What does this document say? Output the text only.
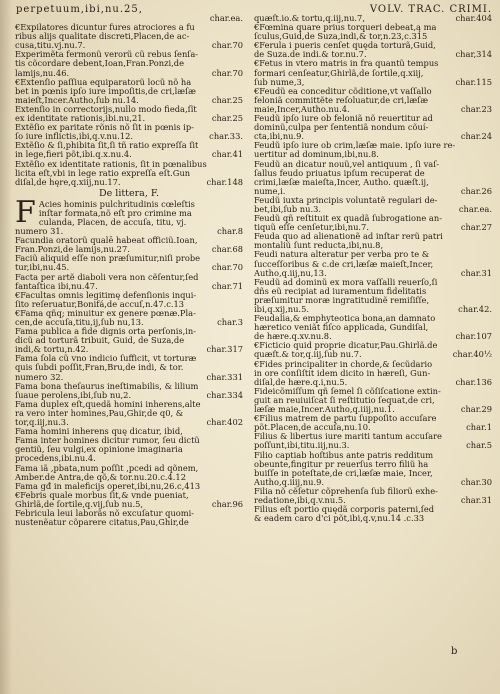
perpetuum,ibi,nu.25,	VOLV. TRAC. CRIMI.
char.ea.
€Expilatores dicuntur fures atrociores a fu
ribus alijs qualitate discreti,Placen,de ac-
cusa,titu.vj.nu.7.	char.70
Experimẽta fermonũ verorũ cũ rebus ſenſa-
tis cõcordare debent,Ioan,Fran.Ponzi,de
lamijs,nu.46.	char.70
€Extenſio paſſiua equiparatorũ locũ nõ ha
bet in pœnis ipſo iure impoſitis,de cri,læſæ
maieſt,Incer.Autho,ſub nu.14.	char.25
Extenſio in correctorijs,nullo modo fieda,ſĩt
ex identitate rationis,ibi.nu,21.	char.25
Extẽſio ex paritate rõnis nõ ſit in pœnis ip-
ſo iure inflictis,ibi,q.v.nu.12.	char.33.
Extẽſio & ſi,phibita ſit,ſi tñ ratio expreſſa ſit
in lege,fieri põt,ibi.q.x.nu.4.	char.41
Extẽſio ex identitate rationis, ſit in pœnalibus
licita eſt,vbi in lege ratio expreſſa eſt.Gun
diſal,de hęre,q.xiij,nu.17.	char.148
De littera, F.
F Acies hominis pulchritudinis cœleſtis
inſtar formata,nõ eſt pro crimine ma
culanda, Placen, de accuſa, titu, vj.
numero 31.	char.8
Facundia oratorũ qualē habeat officiũ.Ioan,
Fran.Ponzi,de lamijs,nu.27.	char.68
Faciũ aliquid eſſe non præſumitur,niſi probe
tur,ibi,nu.45.	char.70
Facta per artẽ diaboli vera non cẽſentur,ſed
fantaſtica ibi,nu.47.	char.71
€Facultas omnis legitimę defenſionis inqui-
ſito reſeruatur,Bonifá,de accuſ,n.47.c.13
€Fama qñq; minuitur ex genere pœnæ.Pla-
cen,de accuſa,titu,ij,ſub nu,13.	char.3
Fama publica a fide dignis orta perſonis,in-
dicũ ad torturã tribuit, Guid, de Suza,de
indi,& tortu,n.42.	char.317
Fama ſola cũ vno indicio ſufficit, vt torturæ
quis ſubdi poſſit,Fran,Bru,de indi, & tor.
numero 32.	char.331
Fama bona theſaurus ineſtimabilis, & lilium
ſuaue perolens,ibi,ſub nu,2.	char.334
Fama duplex eſt,quedã homini inherens,alte
ra vero inter homines,Pau,Ghir,de q0, &
tor,q.iij,nu.3.	char.402
Fama homini inherens quę dicatur, ibid,
Fama inter homines dicitur rumor, ſeu dictũ
gentiũ, ſeu vulgi,ex opinione imaginaria
procedens,ibi.nu.4.
Fama iã ,pbata,num poſſit ,pcedi ad qõnem,
Amber.de Antra,de qõ,& tor.nu.20.c.4.12
Fama gđ in maleficijs operet,ibi,nu,26.c,413
€Febris quale morbus ſit,& vnde pueniat,
Ghirlã,de ſortile,q.vij,ſub nu.5,	char.96
Febricula leui laborãs nõ excuſatur quomi-
nustenẽatur cõparere citatus,Pau,Ghir,de
quæſt.io.& tortu,q.iij,nu.7,	char.404
€Fœmina quare prius torqueri debeat,ą ma
ſculus,Guid,de Suza,indi,& tor,n.23,c.315
€Ferula i pueris cenſet quęda torturã,Guid,
de Suza.de indi.& tor.nu.7.	char,314
€Fetus in vtero matris in fra quantũ tempus
formari cenſeatur,Ghirlã,de ſortile,q.xiij,
ſub nume,3,	char.115
€Feudũ ea conceditur cõditione,vt vaſſallo
feloniã committẽte reſoluatur,de cri,læſæ
maie,Incer,Autho.nu.4.	char.23
Feudũ ipſo iure ob feloniã nõ reuertitur ad
dominũ,culpa per ſententiã nondum cõuí-
cta,ibi,nu.9.	char.24
Feudũ ipſo iure ob crim,læſæ maie. ipſo iure re-
uertitur ad dominum,ibi,nu.8.
Feudũ an dicatur nouũ,vel antiquum , ſi vaſ-
ſallus feudo priuatus ipſum recuperat de
crimi,læſæ maieſta,Incer, Autho. quæſt.ij,
nume,i.	char.26
Feudũ iuxta principis voluntatẽ regulari de-
bet,ibi,ſub nu.3.	char.ea.
Feudũ qñ reſtituit ex quadã ſubrogatione an-
tiquũ eſſe cenſetur,ibi,nu.7.	char.27
Feuda quo ad alienationẽ ad inſtar rerũ patri
montaliũ ſunt reducta,ibi,nu.8,
Feudi natura alteratur per verba pro te &
ſucceſſoribus & c.de cri,læſæ maieſt,Incer,
Autho,q.iij,nu,13.	char.31
Feudũ ad dominũ ex mora vaſſalli reuerſo,ſi
dñs eũ recipiat ad iuramentum fidelitatis
præſumitur moræ ingratitudinẽ remiſiſſe,
ibi,q.xij,nu.5.	char.42.
Feudalia,& emphyteotica bona,an damnato
hæretico veniãt fiſco applicada, Gundiſal,
de hære.q.xv.nu.8.	char.107
€Ficticio quid proprie dicatur,Pau.Ghirlã.de
quæſt.& tor,q.iij,ſub nu.7.	char.40½
€Fides principaliter in chorde,& ſecũdario
in ore conſiſtit idem dicito in hæreſi, Gun-
diſal,de hære.q.i,nu.5.	char.136
Fideicõmiſſum qñ ſemel ſi cõſiſcatione extin-
guit an reuiuiſcat ſi reſtitutio ſequat,de cri,
læſæ maie,Incer.Autho,q.iiij,nu.1.	char.29
€Filius matrem de partu ſuppoſito accuſare
põt.Placen,de accuſa,nu.10.	char.1
Filius & libertus iure mariti tantum accuſare
poſſunt,ibi,titu.iij,nu.3.	char.5
Filio captiab hoſtibus ante patris redditum
obeunte,fingitur pr reuerſus terro filiũ ha
buiſſe in poteſtate,de cri,læſæ maie, Incer,
Autho,q.iiij,nu.9.	char.30
Filia nõ cẽſetur cõprehenſa ſub filiorũ exhe-
redatione,ibi,q.v.nu.5.	char.31
Filius eſt portio quędã corporis paterni,ſed
& eadem caro d'ci põt,ibi,q.v,nu.14 .c.33
b
